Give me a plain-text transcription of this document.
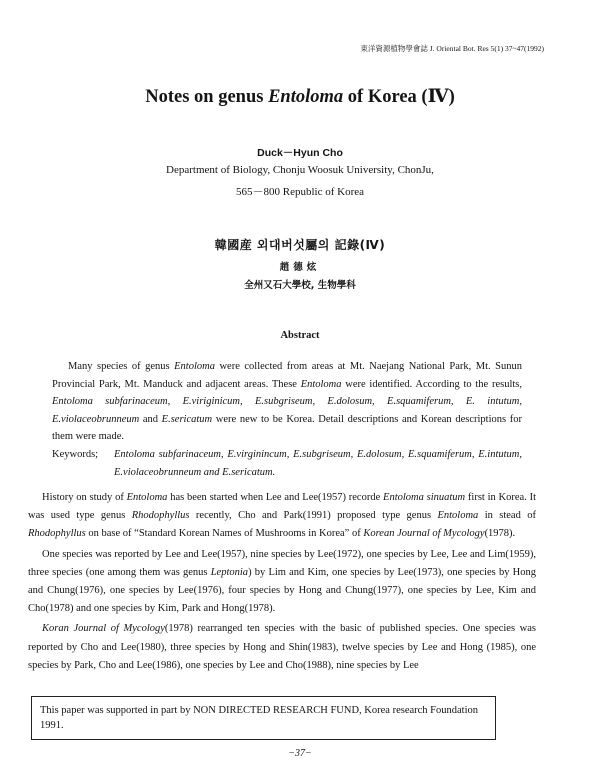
東洋資源植物學會誌 J. Oriental Bot. Res 5(1) 37~47(1992)
Notes on genus Entoloma of Korea (Ⅳ)
Duck－Hyun Cho
Department of Biology, Chonju Woosuk University, ChonJu,
565－800 Republic of Korea
韓國産 외대버섯屬의 記錄(Ⅳ)
趙德炫
全州又石大學校, 生物學科
Abstract

Many species of genus Entoloma were collected from areas at Mt. Naejang National Park, Mt. Sunun Provincial Park, Mt. Manduck and adjacent areas. These Entoloma were identified. According to the results, Entoloma subfarinaceum, E.viriginicum, E.subgriseum, E.dolosum, E.squamiferum, E. intutum, E.violaceobrunneum and E.sericatum were new to be Korea. Detail descriptions and Korean descriptions for them were made.

Keywords;	Entoloma subfarinaceum, E.virginincum, E.subgriseum, E.dolosum, E.squamiferum, E.intutum, E.violaceobrunneum and E.sericatum.

History on study of Entoloma has been started when Lee and Lee(1957) recorde Entoloma sinuatum first in Korea. It was used type genus Rhodophyllus recently, Cho and Park(1991) proposed type genus Entoloma in stead of Rhodophyllus on base of “Standard Korean Names of Mushrooms in Korea” of Korean Journal of Mycology(1978).

One species was reported by Lee and Lee(1957), nine species by Lee(1972), one species by Lee, Lee and Lim(1959), three species (one among them was genus Leptonia) by Lim and Kim, one species by Lee(1973), one species by Hong and Chung(1976), one species by Lee(1976), four species by Hong and Chung(1977), one species by Lee, Kim and Cho(1978) and one species by Kim, Park and Hong(1978).

Koran Journal of Mycology(1978) rearranged ten species with the basic of published species. One species was reported by Cho and Lee(1980), three species by Hong and Shin(1983), twelve species by Lee and Hong (1985), one species by Park, Cho and Lee(1986), one species by Lee and Cho(1988), nine species by Lee

This paper was supported in part by NON DIRECTED RESEARCH FUND, Korea research Foundation 1991.
−37−
